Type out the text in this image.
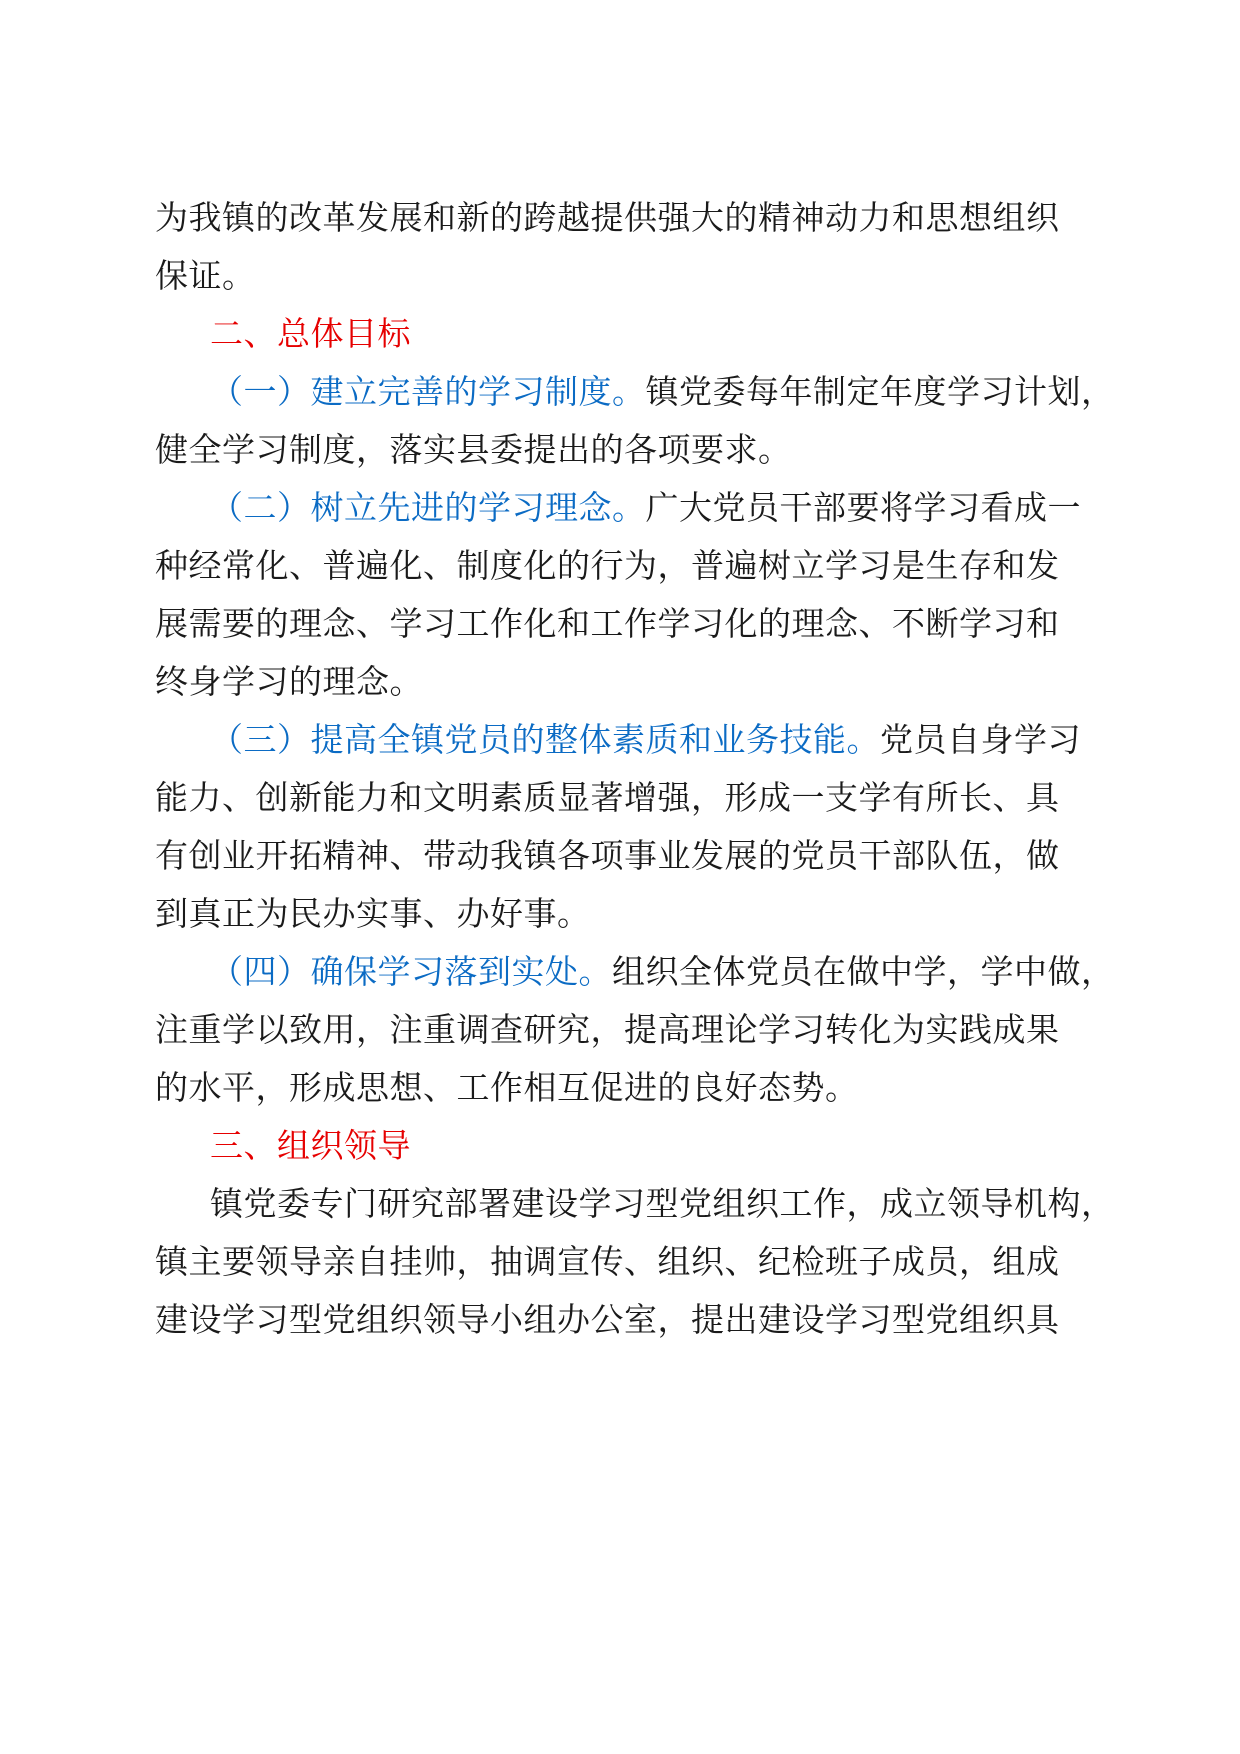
为我镇的改革发展和新的跨越提供强大的精神动力和思想组织
保证。
二、总体目标
（一）建立完善的学习制度。镇党委每年制定年度学习计划，
健全学习制度，落实县委提出的各项要求。
（二）树立先进的学习理念。广大党员干部要将学习看成一
种经常化、普遍化、制度化的行为，普遍树立学习是生存和发
展需要的理念、学习工作化和工作学习化的理念、不断学习和
终身学习的理念。
（三）提高全镇党员的整体素质和业务技能。党员自身学习
能力、创新能力和文明素质显著增强，形成一支学有所长、具
有创业开拓精神、带动我镇各项事业发展的党员干部队伍，做
到真正为民办实事、办好事。
（四）确保学习落到实处。组织全体党员在做中学，学中做，
注重学以致用，注重调查研究，提高理论学习转化为实践成果
的水平，形成思想、工作相互促进的良好态势。
三、组织领导
镇党委专门研究部署建设学习型党组织工作，成立领导机构，
镇主要领导亲自挂帅，抽调宣传、组织、纪检班子成员，组成
建设学习型党组织领导小组办公室，提出建设学习型党组织具
